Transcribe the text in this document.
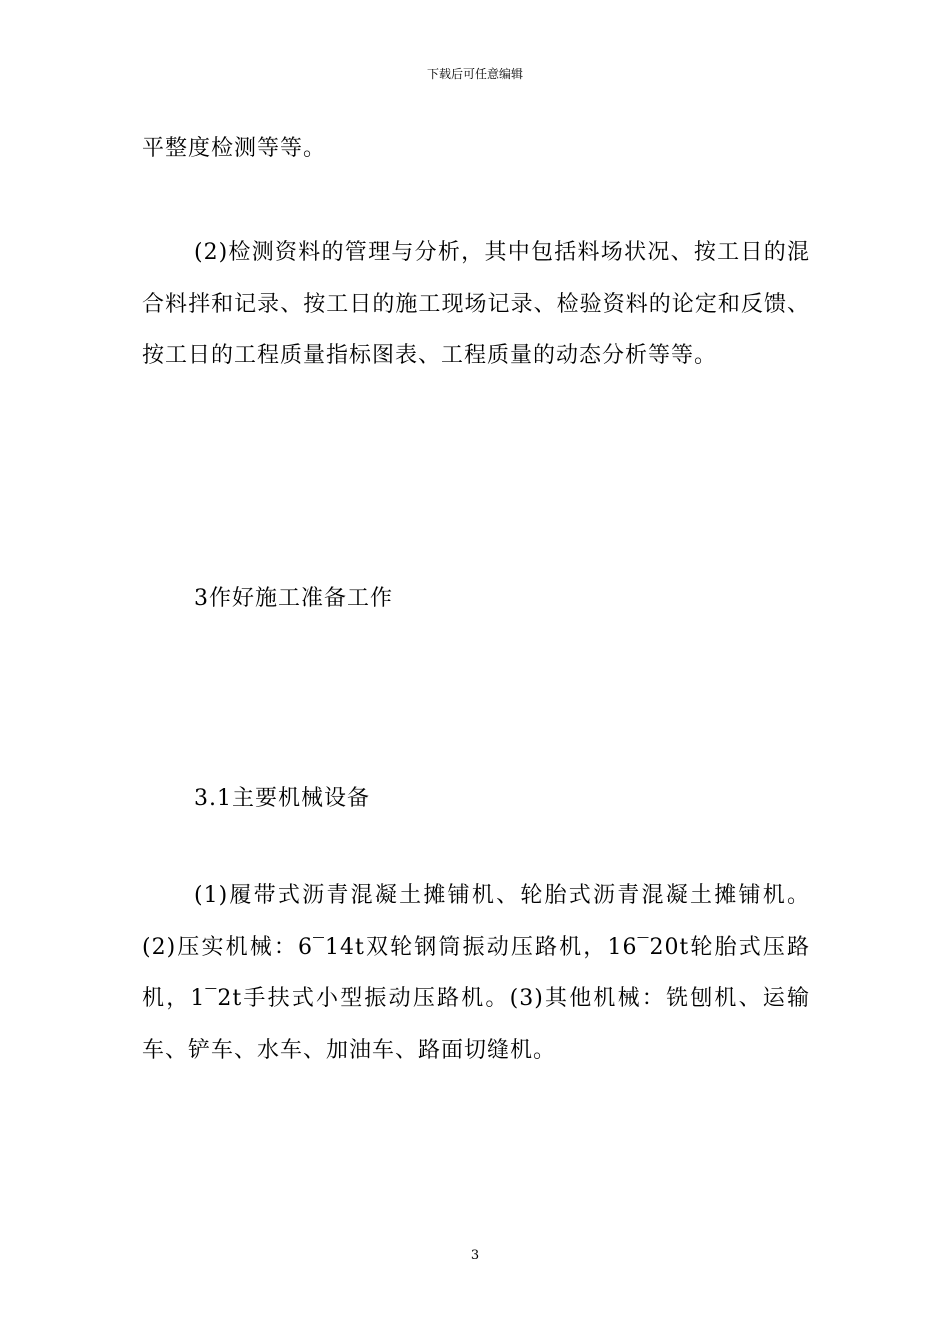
下载后可任意编辑
平整度检测等等。
(2)检测资料的管理与分析，其中包括料场状况、按工日的混合料拌和记录、按工日的施工现场记录、检验资料的论定和反馈、按工日的工程质量指标图表、工程质量的动态分析等等。
3作好施工准备工作
3.1主要机械设备
(1)履带式沥青混凝土摊铺机、轮胎式沥青混凝土摊铺机。(2)压实机械：6‾14t双轮钢筒振动压路机，16‾20t轮胎式压路机，1‾2t手扶式小型振动压路机。(3)其他机械：铣刨机、运输车、铲车、水车、加油车、路面切缝机。
3
